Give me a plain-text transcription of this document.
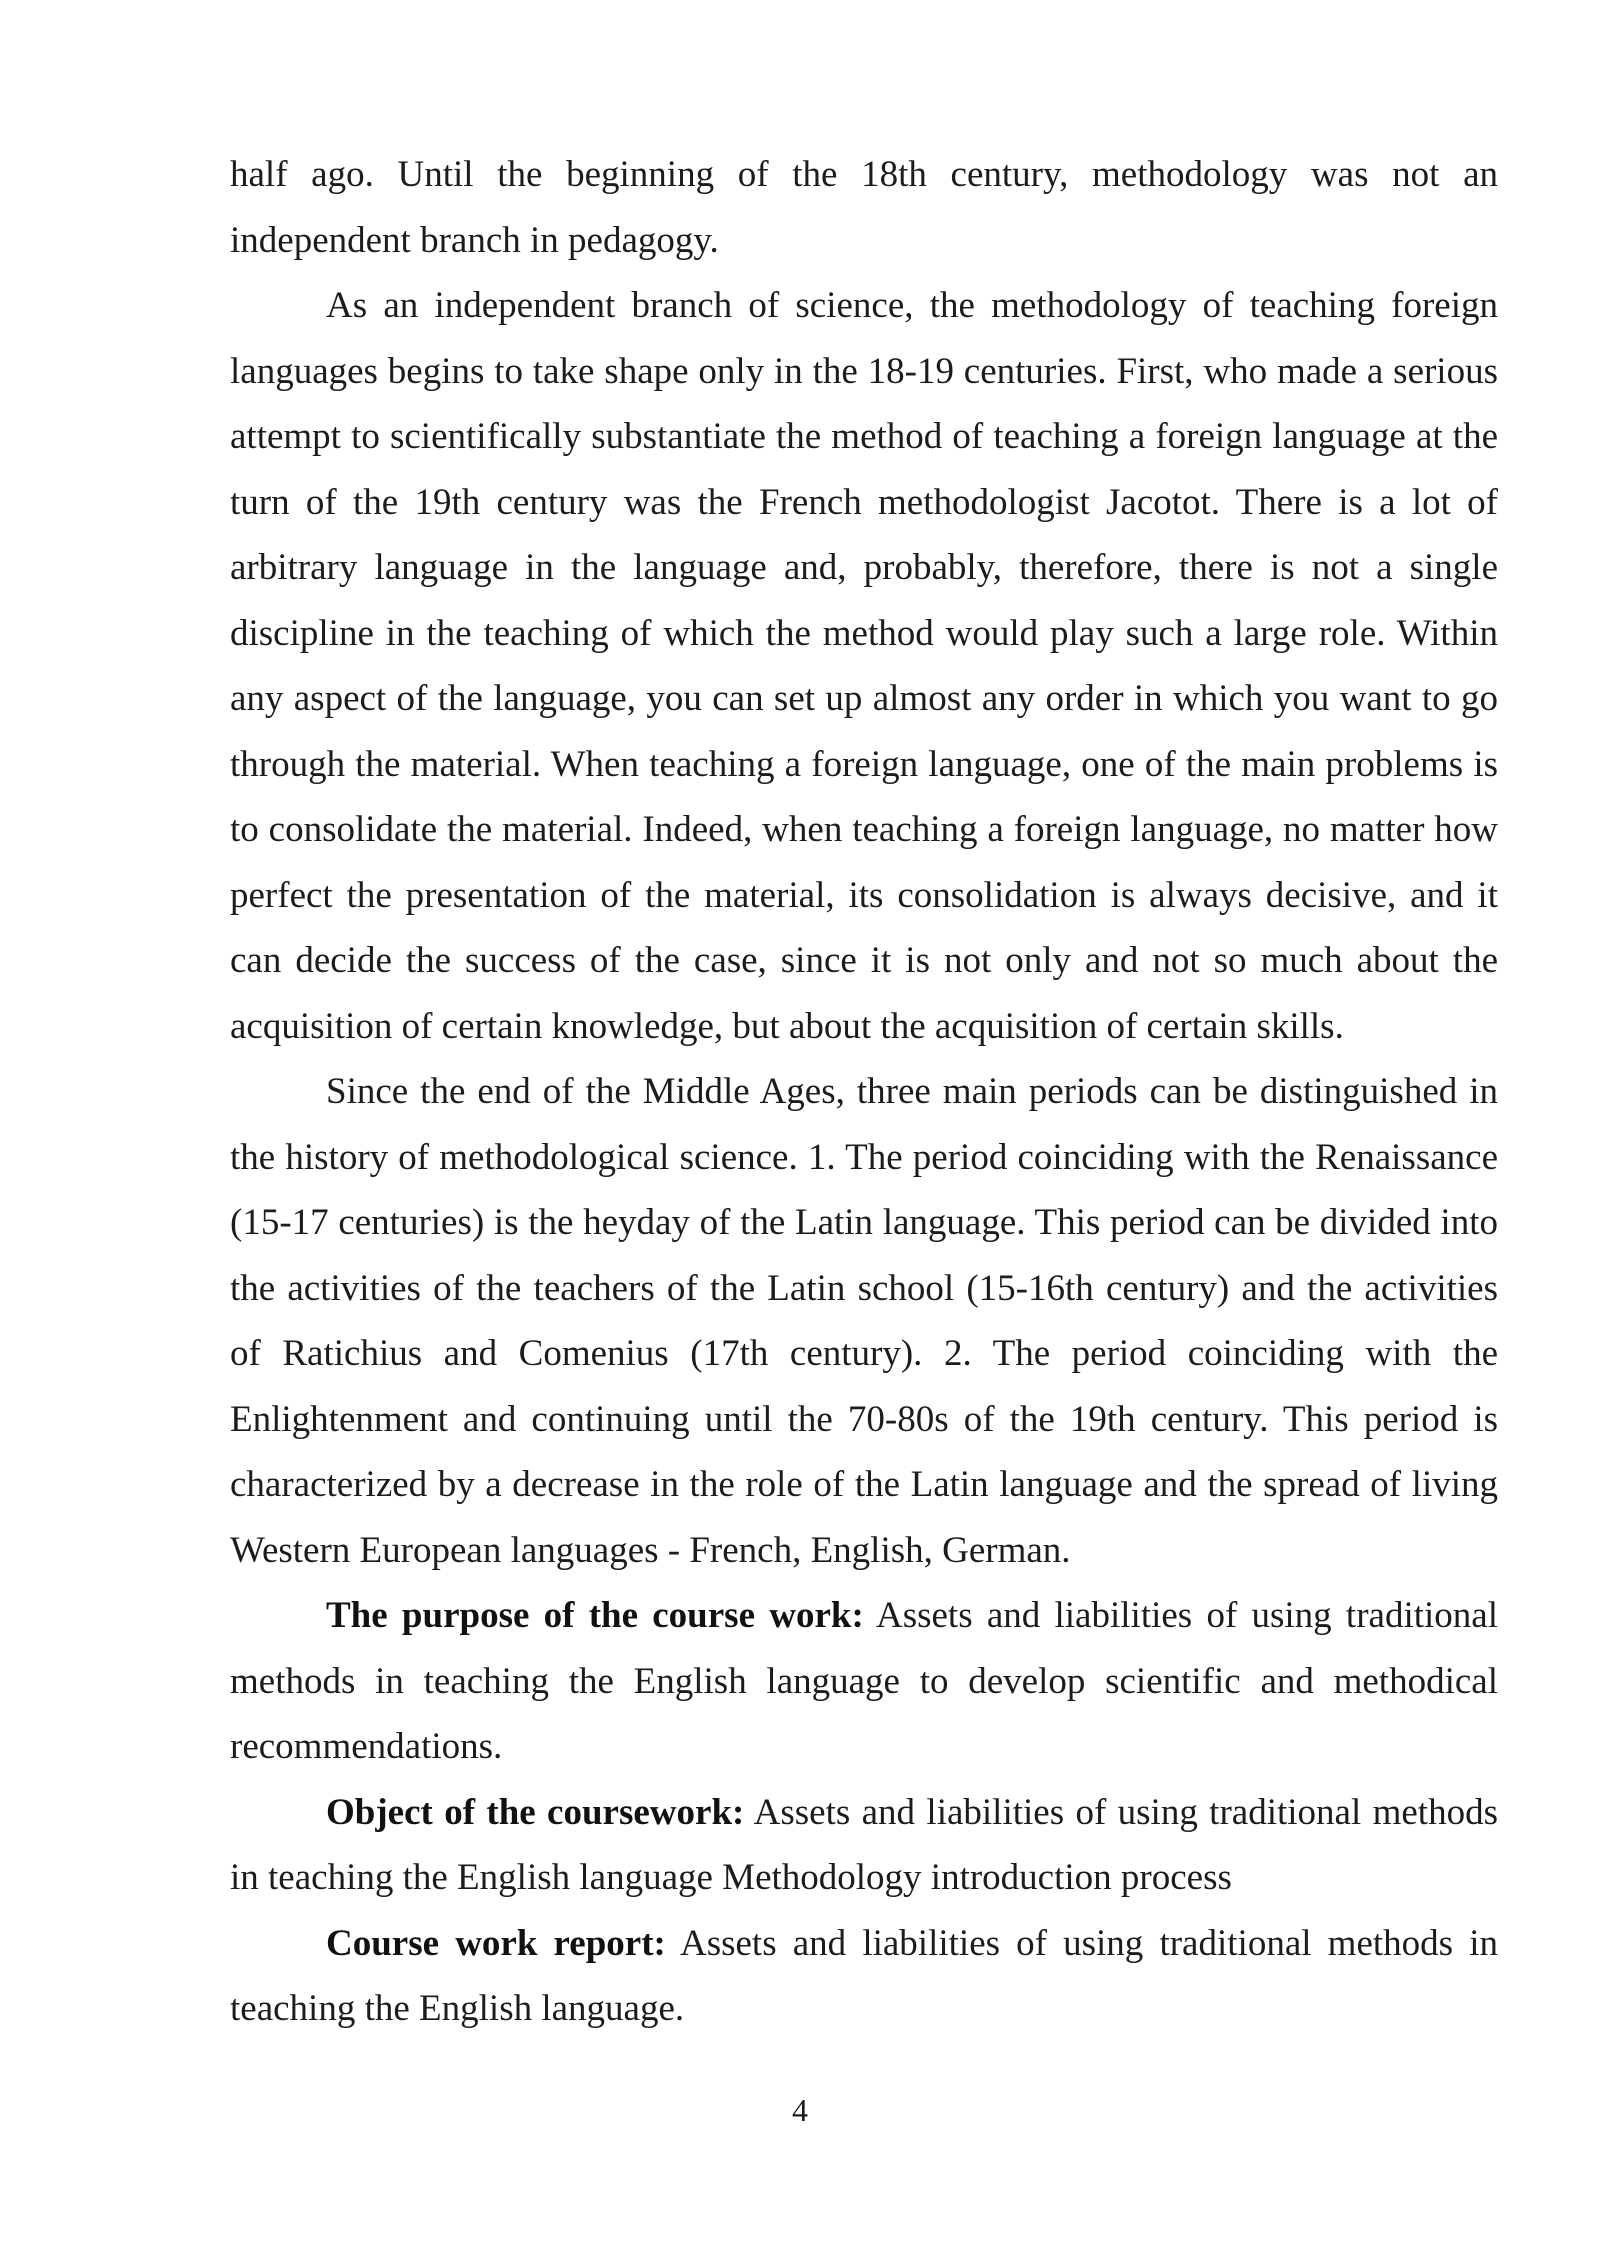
half ago. Until the beginning of the 18th century, methodology was not an independent branch in pedagogy.

As an independent branch of science, the methodology of teaching foreign languages begins to take shape only in the 18-19 centuries. First, who made a serious attempt to scientifically substantiate the method of teaching a foreign language at the turn of the 19th century was the French methodologist Jacotot. There is a lot of arbitrary language in the language and, probably, therefore, there is not a single discipline in the teaching of which the method would play such a large role. Within any aspect of the language, you can set up almost any order in which you want to go through the material. When teaching a foreign language, one of the main problems is to consolidate the material. Indeed, when teaching a foreign language, no matter how perfect the presentation of the material, its consolidation is always decisive, and it can decide the success of the case, since it is not only and not so much about the acquisition of certain knowledge, but about the acquisition of certain skills.

Since the end of the Middle Ages, three main periods can be distinguished in the history of methodological science. 1. The period coinciding with the Renaissance (15-17 centuries) is the heyday of the Latin language. This period can be divided into the activities of the teachers of the Latin school (15-16th century) and the activities of Ratichius and Comenius (17th century). 2. The period coinciding with the Enlightenment and continuing until the 70-80s of the 19th century. This period is characterized by a decrease in the role of the Latin language and the spread of living Western European languages - French, English, German.

The purpose of the course work: Assets and liabilities of using traditional methods in teaching the English language to develop scientific and methodical recommendations.

Object of the coursework: Assets and liabilities of using traditional methods in teaching the English language Methodology introduction process

Course work report: Assets and liabilities of using traditional methods in teaching the English language.

4
